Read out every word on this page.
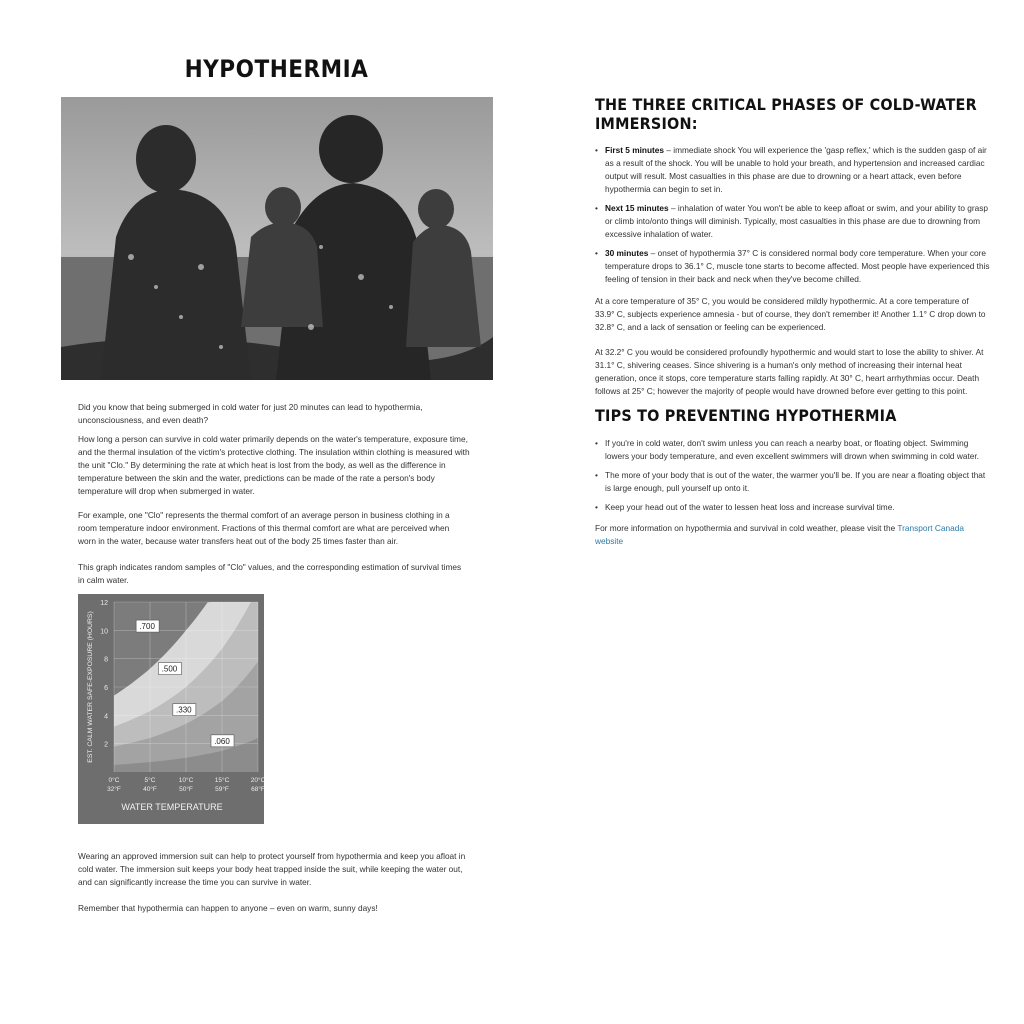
HYPOTHERMIA

Did you know that being submerged in cold water for just 20 minutes can lead to hypothermia, unconsciousness, and even death?

How long a person can survive in cold water primarily depends on the water's temperature, exposure time, and the thermal insulation of the victim's protective clothing. The insulation within clothing is measured with the unit "Clo." By determining the rate at which heat is lost from the body, as well as the difference in temperature between the skin and the water, predictions can be made of the rate a person's body temperature will drop when submerged in water.

For example, one "Clo" represents the thermal comfort of an average person in business clothing in a room temperature indoor environment. Fractions of this thermal comfort are what are perceived when worn in the water, because water transfers heat out of the body 25 times faster than air.

This graph indicates random samples of "Clo" values, and the corresponding estimation of survival times in calm water.

2
4
6
8
10
12
0°C
32°F
5°C
40°F
10°C
50°F
15°C
59°F
20°C
68°F
.700
.500
.330
.060
EST. CALM WATER SAFE-EXPOSURE (HOURS)
WATER TEMPERATURE

Wearing an approved immersion suit can help to protect yourself from hypothermia and keep you afloat in cold water. The immersion suit keeps your body heat trapped inside the suit, while keeping the water out, and can significantly increase the time you can survive in water.

Remember that hypothermia can happen to anyone – even on warm, sunny days!

THE THREE CRITICAL PHASES OF COLD-WATER IMMERSION:
• First 5 minutes – immediate shock You will experience the 'gasp reflex,' which is the sudden gasp of air as a result of the shock. You will be unable to hold your breath, and hypertension and increased cardiac output will result. Most casualties in this phase are due to drowning or a heart attack, even before hypothermia can begin to set in.
• Next 15 minutes – inhalation of water You won't be able to keep afloat or swim, and your ability to grasp or climb into/onto things will diminish. Typically, most casualties in this phase are due to drowning from excessive inhalation of water.
• 30 minutes – onset of hypothermia 37° C is considered normal body core temperature. When your core temperature drops to 36.1° C, muscle tone starts to become affected. Most people have experienced this feeling of tension in their back and neck when they've become chilled.

At a core temperature of 35° C, you would be considered mildly hypothermic. At a core temperature of 33.9° C, subjects experience amnesia - but of course, they don't remember it! Another 1.1° C drop down to 32.8° C, and a lack of sensation or feeling can be experienced.

At 32.2° C you would be considered profoundly hypothermic and would start to lose the ability to shiver. At 31.1° C, shivering ceases. Since shivering is a human's only method of increasing their internal heat generation, once it stops, core temperature starts falling rapidly. At 30° C, heart arrhythmias occur. Death follows at 25° C; however the majority of people would have drowned before ever getting to this point.

TIPS TO PREVENTING HYPOTHERMIA
• If you're in cold water, don't swim unless you can reach a nearby boat, or floating object. Swimming lowers your body temperature, and even excellent swimmers will drown when swimming in cold water.
• The more of your body that is out of the water, the warmer you'll be. If you are near a floating object that is large enough, pull yourself up onto it.
• Keep your head out of the water to lessen heat loss and increase survival time.

For more information on hypothermia and survival in cold weather, please visit the Transport Canada website
